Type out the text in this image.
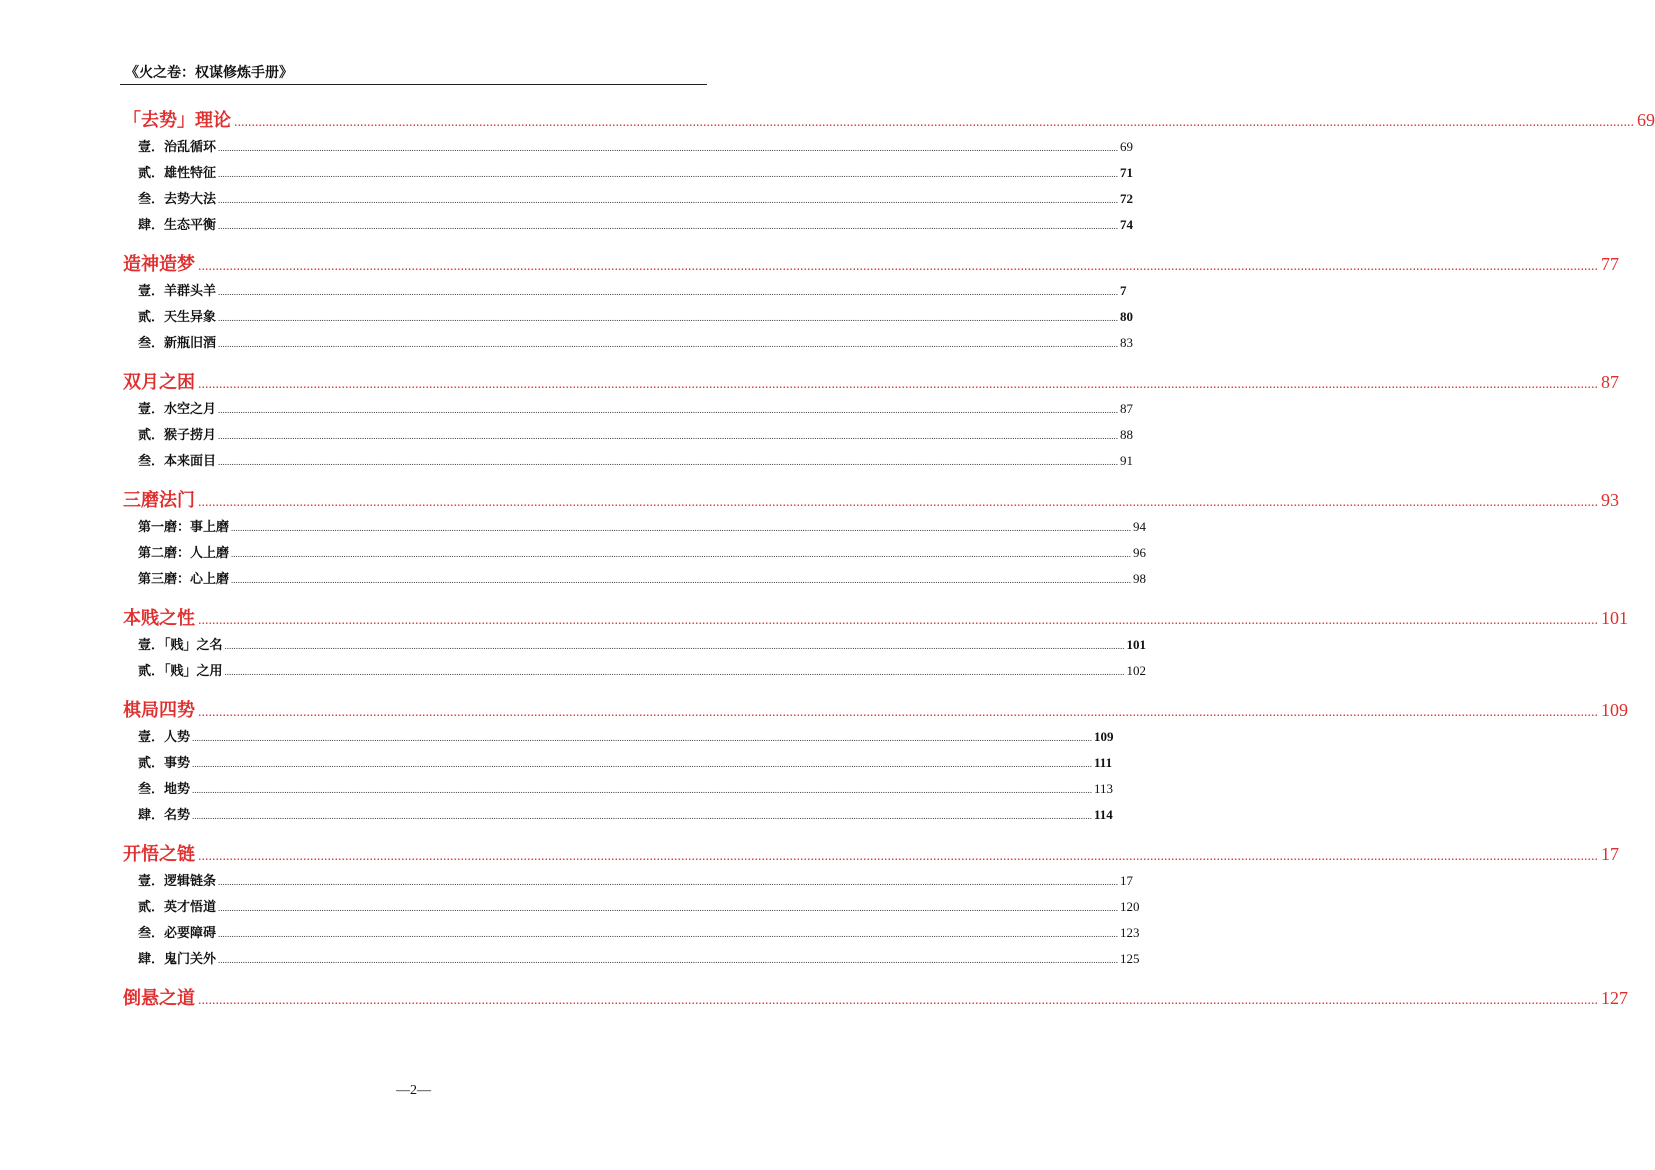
《火之卷：权谋修炼手册》
「去势」理论 ................................................................................................................................................................................................................................................................................................................................................................................................................ 69
壹．治乱循环 ................................................................................................................................................................................................................................................................................................................................................................................................................ 69
贰．雄性特征 ................................................................................................................................................................................................................................................................................................................................................................................................................ 71
叁．去势大法 ................................................................................................................................................................................................................................................................................................................................................................................................................ 72
肆．生态平衡 ................................................................................................................................................................................................................................................................................................................................................................................................................ 74
造神造梦 ................................................................................................................................................................................................................................................................................................................................................................................................................ 77
壹．羊群头羊 ................................................................................................................................................................................................................................................................................................................................................................................................................ 7
贰．天生异象 ................................................................................................................................................................................................................................................................................................................................................................................................................ 80
叁．新瓶旧酒 ................................................................................................................................................................................................................................................................................................................................................................................................................ 83
双月之困 ................................................................................................................................................................................................................................................................................................................................................................................................................ 87
壹．水空之月 ................................................................................................................................................................................................................................................................................................................................................................................................................ 87
贰．猴子捞月 ................................................................................................................................................................................................................................................................................................................................................................................................................ 88
叁．本来面目 ................................................................................................................................................................................................................................................................................................................................................................................................................ 91
三磨法门 ................................................................................................................................................................................................................................................................................................................................................................................................................ 93
第一磨：事上磨 ................................................................................................................................................................................................................................................................................................................................................................................................................ 94
第二磨：人上磨 ................................................................................................................................................................................................................................................................................................................................................................................................................ 96
第三磨：心上磨 ................................................................................................................................................................................................................................................................................................................................................................................................................ 98
本贱之性 ................................................................................................................................................................................................................................................................................................................................................................................................................ 101
壹．「贱」之名 ................................................................................................................................................................................................................................................................................................................................................................................................................ 101
贰．「贱」之用 ................................................................................................................................................................................................................................................................................................................................................................................................................ 102
棋局四势 ................................................................................................................................................................................................................................................................................................................................................................................................................ 109
壹．人势 ................................................................................................................................................................................................................................................................................................................................................................................................................ 109
贰．事势 ................................................................................................................................................................................................................................................................................................................................................................................................................ 111
叁．地势 ................................................................................................................................................................................................................................................................................................................................................................................................................ 113
肆．名势 ................................................................................................................................................................................................................................................................................................................................................................................................................ 114
开悟之链 ................................................................................................................................................................................................................................................................................................................................................................................................................ 17
壹．逻辑链条 ................................................................................................................................................................................................................................................................................................................................................................................................................ 17
贰．英才悟道 ................................................................................................................................................................................................................................................................................................................................................................................................................ 120
叁．必要障碍 ................................................................................................................................................................................................................................................................................................................................................................................................................ 123
肆．鬼门关外 ................................................................................................................................................................................................................................................................................................................................................................................................................ 125
倒悬之道 ................................................................................................................................................................................................................................................................................................................................................................................................................ 127
—2—
